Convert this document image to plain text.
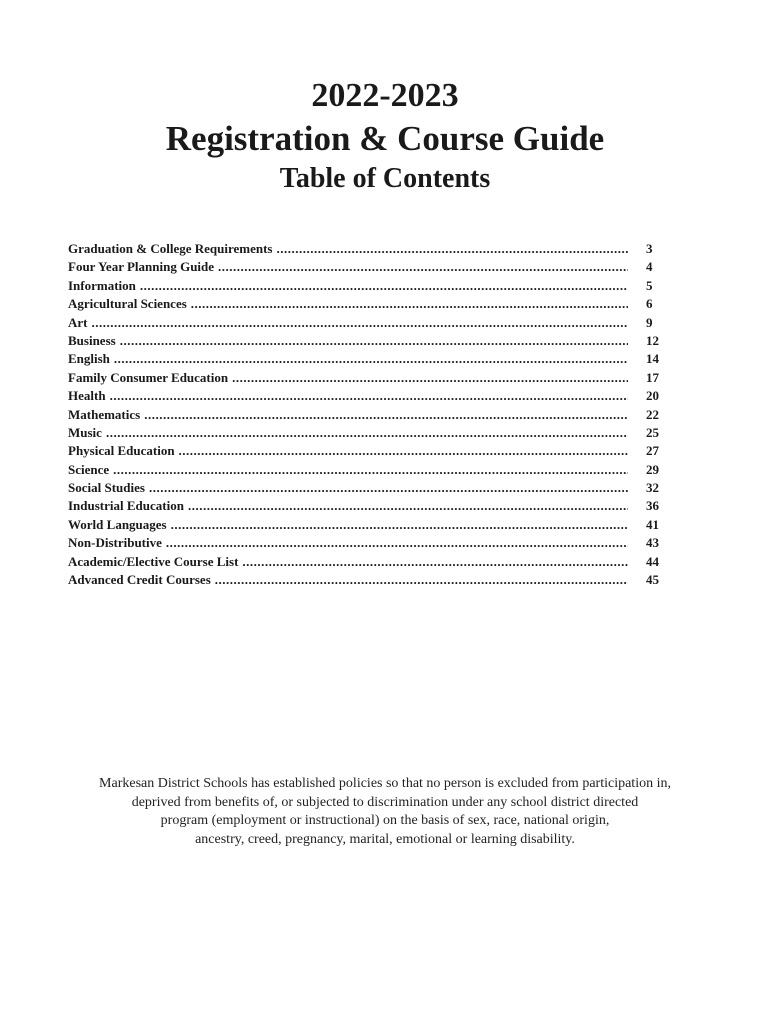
2022-2023
Registration & Course Guide
Table of Contents
Graduation & College Requirements .....	3
Four Year Planning Guide .....	4
Information .....	5
Agricultural Sciences .....	6
Art .....	9
Business .....	12
English .....	14
Family Consumer Education .....	17
Health .....	20
Mathematics .....	22
Music .....	25
Physical Education .....	27
Science .....	29
Social Studies .....	32
Industrial Education .....	36
World Languages .....	41
Non-Distributive .....	43
Academic/Elective Course List .....	44
Advanced Credit Courses .....	45
Markesan District Schools has established policies so that no person is excluded from participation in,
deprived from benefits of, or subjected to discrimination under any school district directed
program (employment or instructional) on the basis of sex, race, national origin,
ancestry, creed, pregnancy, marital, emotional or learning disability.
